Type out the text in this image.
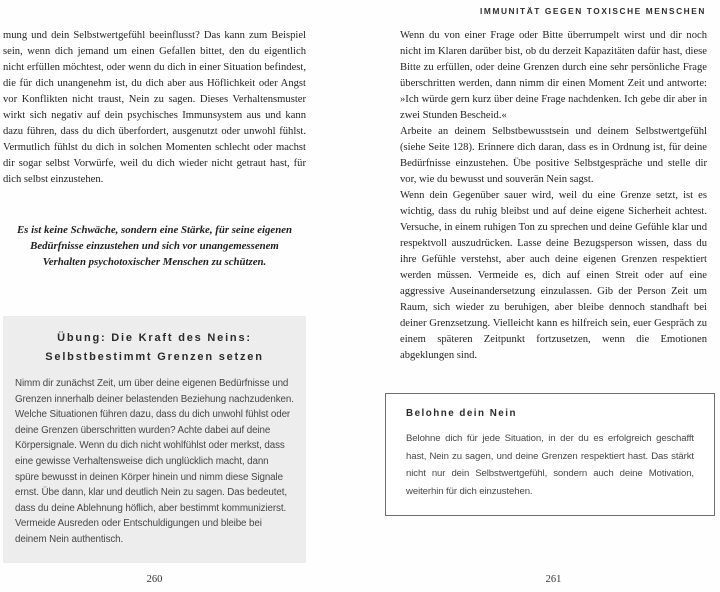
mung und dein Selbstwertgefühl beeinflusst? Das kann zum Beispiel sein, wenn dich jemand um einen Gefallen bittet, den du eigentlich nicht erfüllen möchtest, oder wenn du dich in einer Situation befindest, die für dich unangenehm ist, du dich aber aus Höflichkeit oder Angst vor Konflikten nicht traust, Nein zu sagen. Dieses Verhaltensmuster wirkt sich negativ auf dein psychisches Immunsystem aus und kann dazu führen, dass du dich überfordert, ausgenutzt oder unwohl fühlst. Vermutlich fühlst du dich in solchen Momenten schlecht oder machst dir sogar selbst Vorwürfe, weil du dich wieder nicht getraut hast, für dich selbst einzustehen.

Es ist keine Schwäche, sondern eine Stärke, für seine eigenen Bedürfnisse einzustehen und sich vor unangemessenem Verhalten psychotoxischer Menschen zu schützen.

Übung: Die Kraft des Neins:
Selbstbestimmt Grenzen setzen

Nimm dir zunächst Zeit, um über deine eigenen Bedürfnisse und Grenzen innerhalb deiner belastenden Beziehung nachzudenken. Welche Situationen führen dazu, dass du dich unwohl fühlst oder deine Grenzen überschritten wurden? Achte dabei auf deine Körpersignale. Wenn du dich nicht wohlfühlst oder merkst, dass eine gewisse Verhaltensweise dich unglücklich macht, dann spüre bewusst in deinen Körper hinein und nimm diese Signale ernst. Übe dann, klar und deutlich Nein zu sagen. Das bedeutet, dass du deine Ablehnung höflich, aber bestimmt kommunizierst. Vermeide Ausreden oder Entschuldigungen und bleibe bei deinem Nein authentisch.

260
IMMUNITÄT GEGEN TOXISCHE MENSCHEN

Wenn du von einer Frage oder Bitte überrumpelt wirst und dir noch nicht im Klaren darüber bist, ob du derzeit Kapazitäten dafür hast, diese Bitte zu erfüllen, oder deine Grenzen durch eine sehr persönliche Frage überschritten werden, dann nimm dir einen Moment Zeit und antworte: »Ich würde gern kurz über deine Frage nachdenken. Ich gebe dir aber in zwei Stunden Bescheid.«

Arbeite an deinem Selbstbewusstsein und deinem Selbstwertgefühl (siehe Seite 128). Erinnere dich daran, dass es in Ordnung ist, für deine Bedürfnisse einzustehen. Übe positive Selbstgespräche und stelle dir vor, wie du bewusst und souverän Nein sagst.

Wenn dein Gegenüber sauer wird, weil du eine Grenze setzt, ist es wichtig, dass du ruhig bleibst und auf deine eigene Sicherheit achtest. Versuche, in einem ruhigen Ton zu sprechen und deine Gefühle klar und respektvoll auszudrücken. Lasse deine Bezugsperson wissen, dass du ihre Gefühle verstehst, aber auch deine eigenen Grenzen respektiert werden müssen. Vermeide es, dich auf einen Streit oder auf eine aggressive Auseinandersetzung einzulassen. Gib der Person Zeit um Raum, sich wieder zu beruhigen, aber bleibe dennoch standhaft bei deiner Grenzsetzung. Vielleicht kann es hilfreich sein, euer Gespräch zu einem späteren Zeitpunkt fortzusetzen, wenn die Emotionen abgeklungen sind.

Belohne dein Nein

Belohne dich für jede Situation, in der du es erfolgreich geschafft hast, Nein zu sagen, und deine Grenzen respektiert hast. Das stärkt nicht nur dein Selbstwertgefühl, sondern auch deine Motivation, weiterhin für dich einzustehen.

261
